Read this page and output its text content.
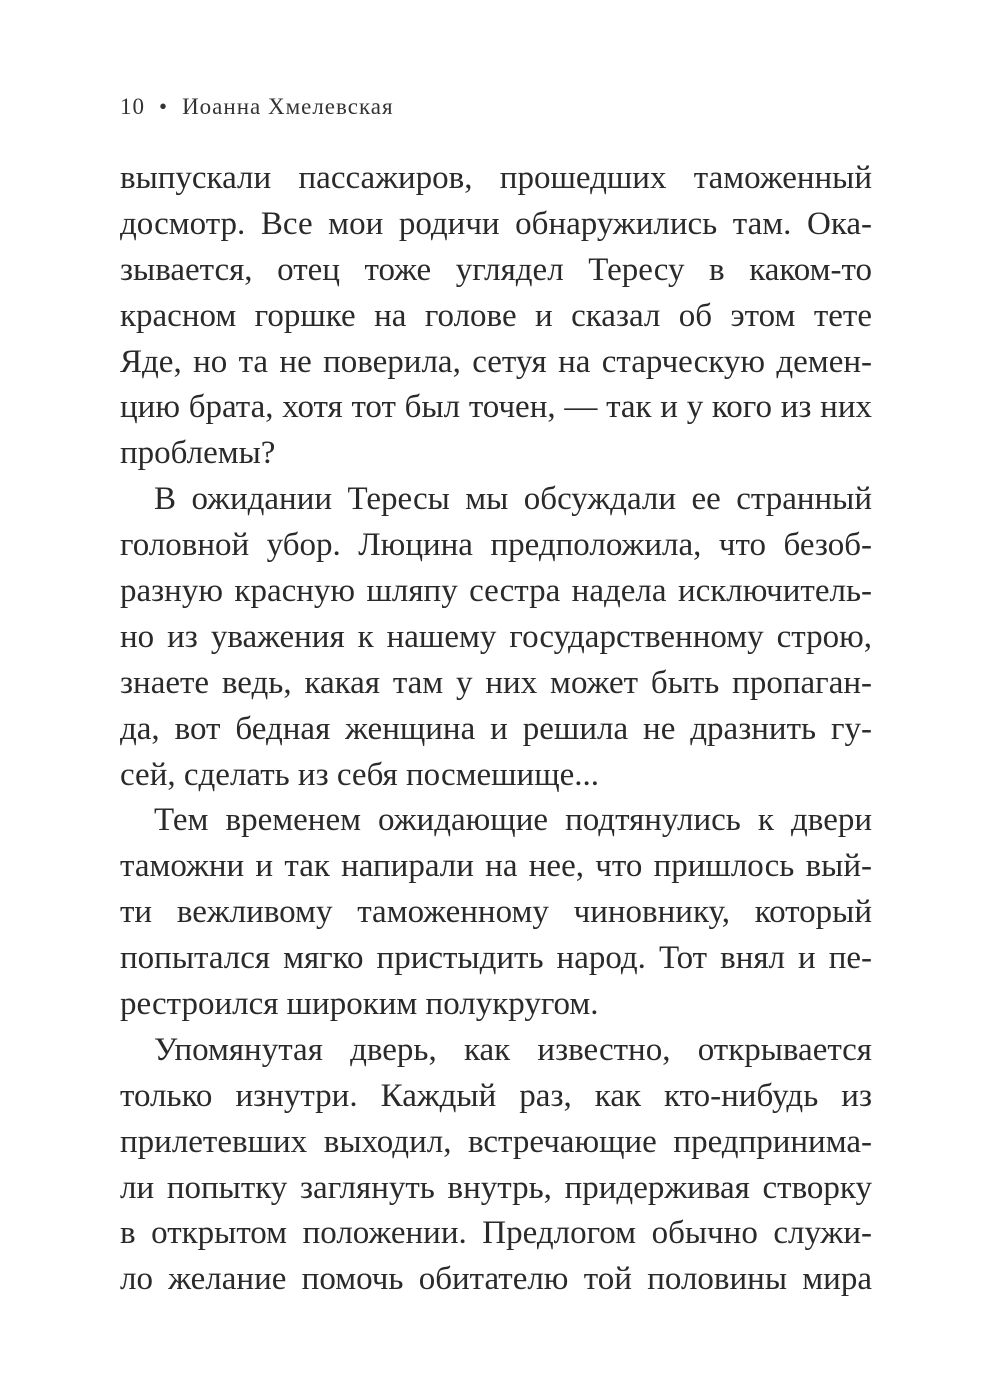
10 • Иоанна Хмелевская
выпускали пассажиров, прошедших таможенный
досмотр. Все мои родичи обнаружились там. Ока-
зывается, отец тоже углядел Тересу в каком-то
красном горшке на голове и сказал об этом тете
Яде, но та не поверила, сетуя на старческую демен-
цию брата, хотя тот был точен, — так и у кого из них
проблемы?
В ожидании Тересы мы обсуждали ее странный
головной убор. Люцина предположила, что безоб-
разную красную шляпу сестра надела исключитель-
но из уважения к нашему государственному строю,
знаете ведь, какая там у них может быть пропаган-
да, вот бедная женщина и решила не дразнить гу-
сей, сделать из себя посмешище...
Тем временем ожидающие подтянулись к двери
таможни и так напирали на нее, что пришлось вый-
ти вежливому таможенному чиновнику, который
попытался мягко пристыдить народ. Тот внял и пе-
рестроился широким полукругом.
Упомянутая дверь, как известно, открывается
только изнутри. Каждый раз, как кто-нибудь из
прилетевших выходил, встречающие предпринима-
ли попытку заглянуть внутрь, придерживая створку
в открытом положении. Предлогом обычно служи-
ло желание помочь обитателю той половины мира
